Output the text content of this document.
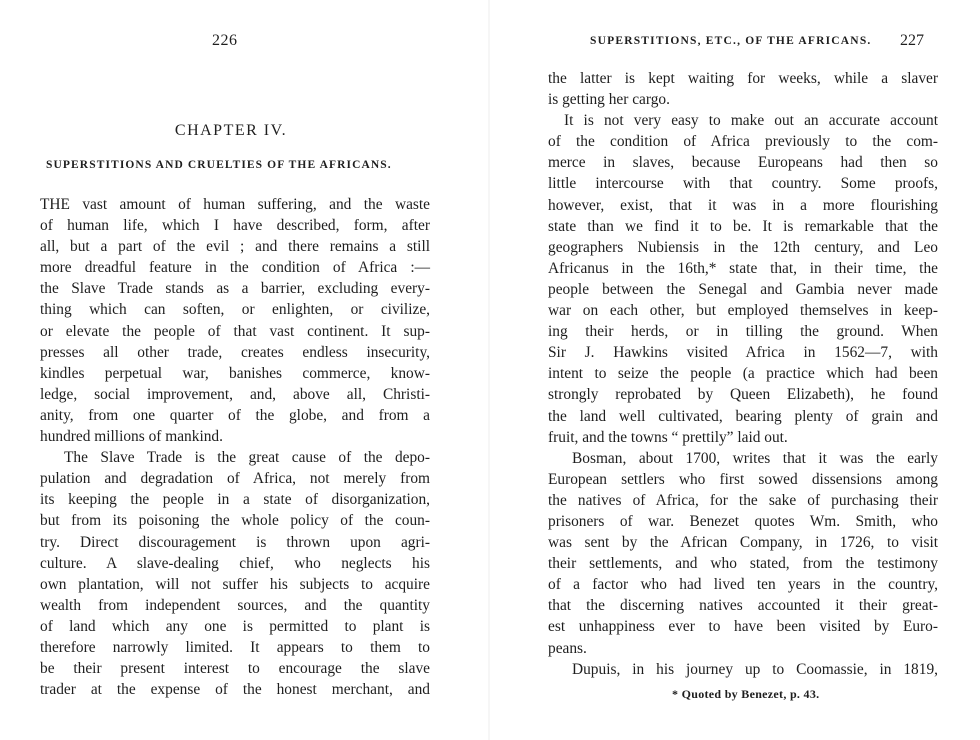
226
CHAPTER IV.
SUPERSTITIONS AND CRUELTIES OF THE AFRICANS.
THE vast amount of human suffering, and the waste
of human life, which I have described, form, after
all, but a part of the evil ; and there remains a still
more dreadful feature in the condition of Africa :—
the Slave Trade stands as a barrier, excluding every-
thing which can soften, or enlighten, or civilize,
or elevate the people of that vast continent. It sup-
presses all other trade, creates endless insecurity,
kindles perpetual war, banishes commerce, know-
ledge, social improvement, and, above all, Christi-
anity, from one quarter of the globe, and from a
hundred millions of mankind.
The Slave Trade is the great cause of the depo-
pulation and degradation of Africa, not merely from
its keeping the people in a state of disorganization,
but from its poisoning the whole policy of the coun-
try. Direct discouragement is thrown upon agri-
culture. A slave-dealing chief, who neglects his
own plantation, will not suffer his subjects to acquire
wealth from independent sources, and the quantity
of land which any one is permitted to plant is
therefore narrowly limited. It appears to them to
be their present interest to encourage the slave
trader at the expense of the honest merchant, and
SUPERSTITIONS, ETC., OF THE AFRICANS. 227
the latter is kept waiting for weeks, while a slaver
is getting her cargo.
It is not very easy to make out an accurate account
of the condition of Africa previously to the com-
merce in slaves, because Europeans had then so
little intercourse with that country. Some proofs,
however, exist, that it was in a more flourishing
state than we find it to be. It is remarkable that the
geographers Nubiensis in the 12th century, and Leo
Africanus in the 16th,* state that, in their time, the
people between the Senegal and Gambia never made
war on each other, but employed themselves in keep-
ing their herds, or in tilling the ground. When
Sir J. Hawkins visited Africa in 1562—7, with
intent to seize the people (a practice which had been
strongly reprobated by Queen Elizabeth), he found
the land well cultivated, bearing plenty of grain and
fruit, and the towns “ prettily” laid out.
Bosman, about 1700, writes that it was the early
European settlers who first sowed dissensions among
the natives of Africa, for the sake of purchasing their
prisoners of war. Benezet quotes Wm. Smith, who
was sent by the African Company, in 1726, to visit
their settlements, and who stated, from the testimony
of a factor who had lived ten years in the country,
that the discerning natives accounted it their great-
est unhappiness ever to have been visited by Euro-
peans.
Dupuis, in his journey up to Coomassie, in 1819,
* Quoted by Benezet, p. 43.
